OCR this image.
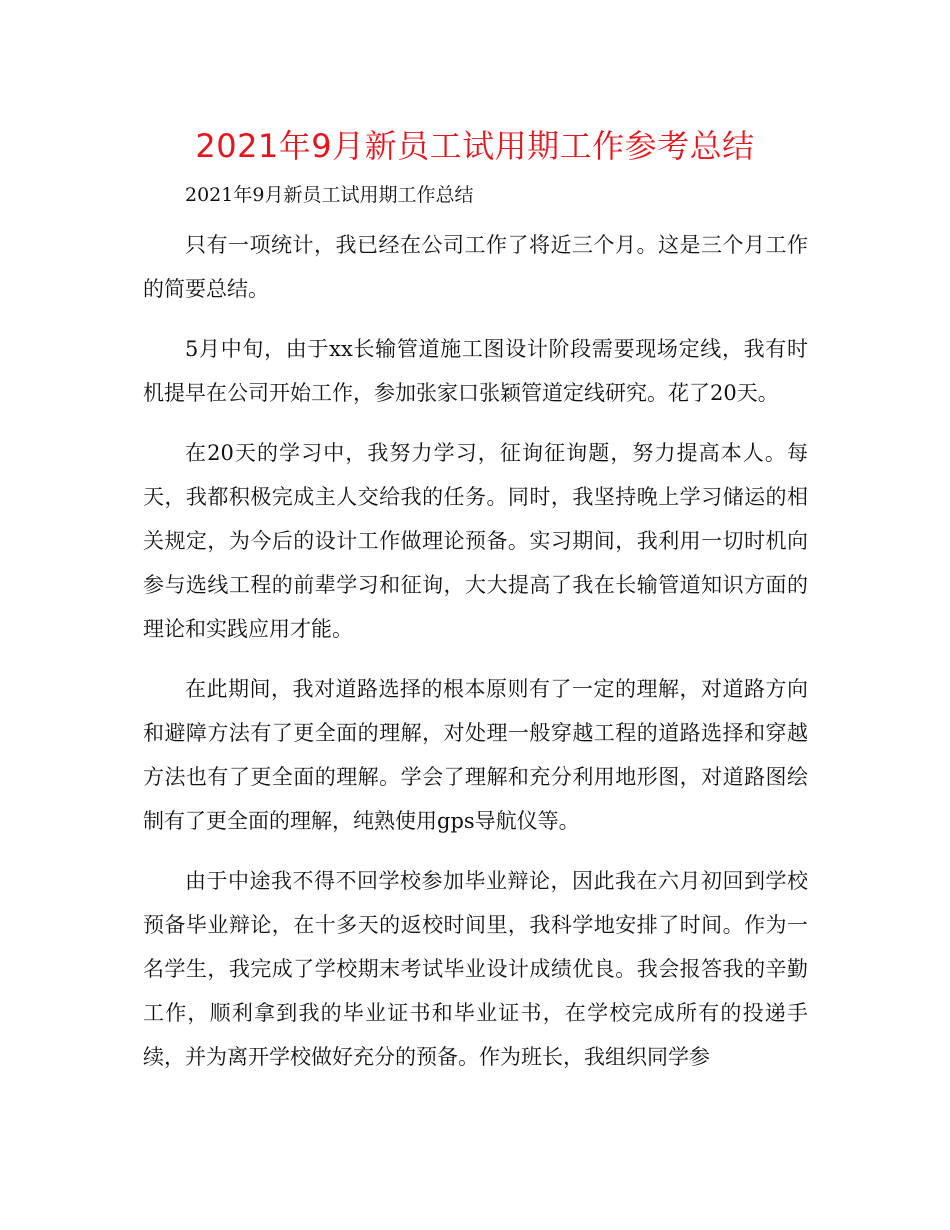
2021年9月新员工试用期工作参考总结
2021年9月新员工试用期工作总结

只有一项统计，我已经在公司工作了将近三个月。这是三个月工作的简要总结。

5月中旬，由于xx长输管道施工图设计阶段需要现场定线，我有时机提早在公司开始工作，参加张家口张颖管道定线研究。花了20天。

在20天的学习中，我努力学习，征询征询题，努力提高本人。每天，我都积极完成主人交给我的任务。同时，我坚持晚上学习储运的相关规定，为今后的设计工作做理论预备。实习期间，我利用一切时机向参与选线工程的前辈学习和征询，大大提高了我在长输管道知识方面的理论和实践应用才能。

在此期间，我对道路选择的根本原则有了一定的理解，对道路方向和避障方法有了更全面的理解，对处理一般穿越工程的道路选择和穿越方法也有了更全面的理解。学会了理解和充分利用地形图，对道路图绘制有了更全面的理解，纯熟使用gps导航仪等。

由于中途我不得不回学校参加毕业辩论，因此我在六月初回到学校预备毕业辩论，在十多天的返校时间里，我科学地安排了时间。作为一名学生，我完成了学校期末考试毕业设计成绩优良。我会报答我的辛勤工作，顺利拿到我的毕业证书和毕业证书，在学校完成所有的投递手续，并为离开学校做好充分的预备。作为班长，我组织同学参
